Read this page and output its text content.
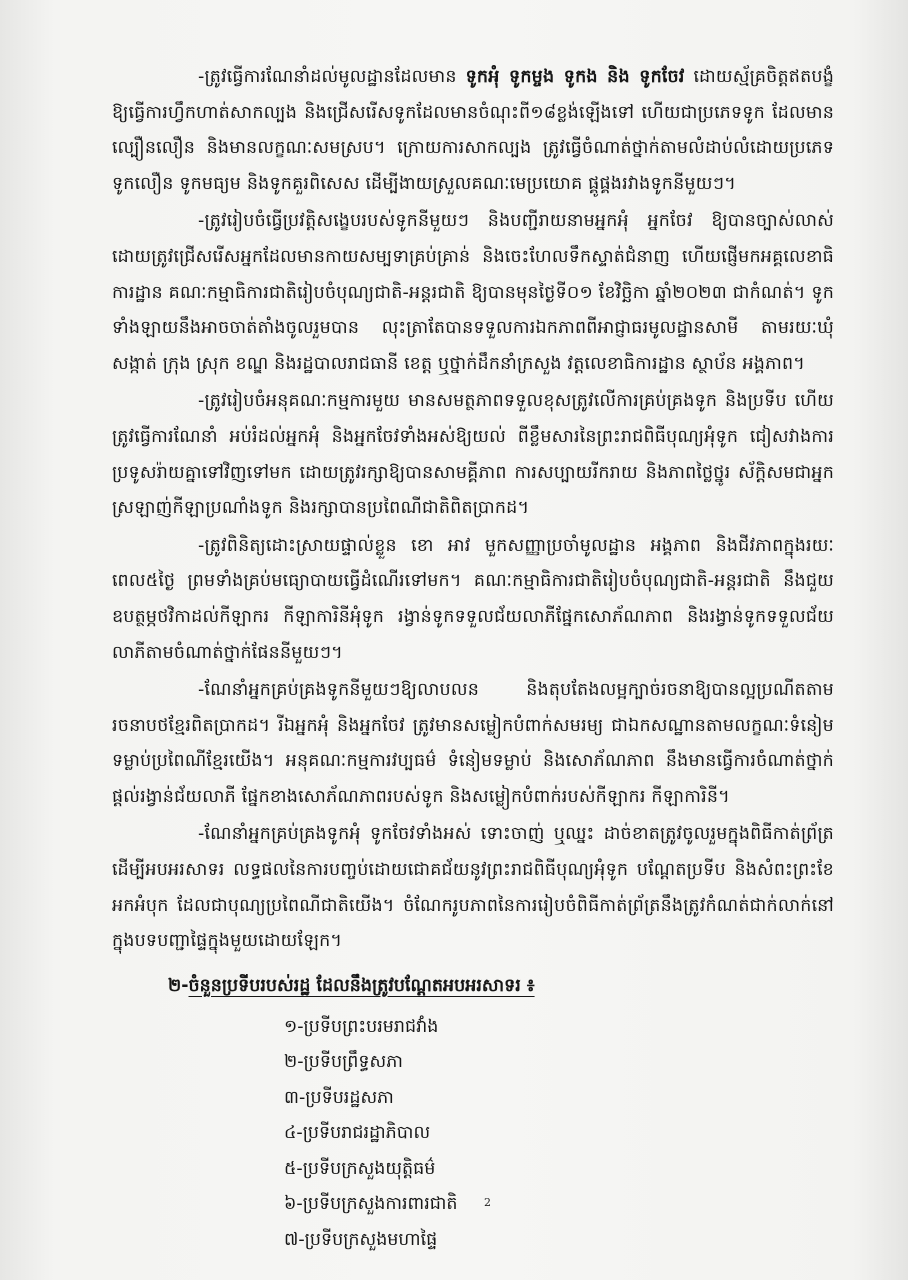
-ត្រូវធ្វើការណែនាំដល់មូលដ្ឋានដែលមាន ទូកអុំ ទូកម្ចង ទូកង និង ទូកចែវ ដោយស្ម័គ្រចិត្តឥតបង្ខំ ឱ្យធ្វើការហ្វឹកហាត់សាកល្បង និងជ្រើសរើសទូកដែលមានចំណុះពី១៨ខ្លង់ឡើងទៅ ហើយជាប្រភេទទូក ដែលមានល្បឿនលឿន និងមានលក្ខណៈសមស្រប។ ក្រោយការសាកល្បង ត្រូវធ្វើចំណាត់ថ្នាក់តាមលំដាប់លំដោយប្រភេទទូកលឿន ទូកមធ្យម និងទូកគួរពិសេស ដើម្បីងាយស្រួលគណៈមេប្រយោគ ផ្គូផ្គងរវាងទូកនីមួយៗ។

-ត្រូវរៀបចំធ្វើប្រវត្តិសង្ខេបរបស់ទូកនីមួយៗ និងបញ្ជីរាយនាមអ្នកអុំ អ្នកចែវ ឱ្យបានច្បាស់លាស់ ដោយត្រូវជ្រើសរើសអ្នកដែលមានកាយសម្បទាគ្រប់គ្រាន់ និងចេះហែលទឹកស្ទាត់ជំនាញ ហើយផ្ញើមកអគ្គលេខាធិការដ្ឋាន គណៈកម្មាធិការជាតិរៀបចំបុណ្យជាតិ-អន្តរជាតិ ឱ្យបានមុនថ្ងៃទី០១ ខែវិច្ឆិកា ឆ្នាំ២០២៣ ជាកំណត់។ ទូកទាំងឡាយនឹងអាចចាត់តាំងចូលរួមបាន លុះត្រាតែបានទទួលការឯកភាពពីអាជ្ញាធរមូលដ្ឋានសាមី តាមរយៈឃុំ សង្កាត់ ក្រុង ស្រុក ខណ្ឌ និងរដ្ឋបាលរាជធានី ខេត្ត ឬថ្នាក់ដឹកនាំក្រសួង វត្តលេខាធិការដ្ឋាន ស្ថាប័ន អង្គភាព។

-ត្រូវរៀបចំអនុគណៈកម្មការមួយ មានសមត្ថភាពទទួលខុសត្រូវលើការគ្រប់គ្រងទូក និងប្រទីប ហើយត្រូវធ្វើការណែនាំ អប់រំដល់អ្នកអុំ និងអ្នកចែវទាំងអស់ឱ្យយល់ ពីខ្លឹមសារនៃព្រះរាជពិធីបុណ្យអុំទូក ជៀសវាងការប្រទូសរ៉ាយគ្នាទៅវិញទៅមក ដោយត្រូវរក្សាឱ្យបានសាមគ្គីភាព ការសប្បាយរីករាយ និងភាពថ្លៃថ្នូរ ស័ក្តិសមជាអ្នកស្រឡាញ់កីឡាប្រណាំងទូក និងរក្សាបានប្រពៃណីជាតិពិតប្រាកដ។

-ត្រូវពិនិត្យដោះស្រាយផ្ទាល់ខ្លួន ខោ អាវ មួកសញ្ញាប្រចាំមូលដ្ឋាន អង្គភាព និងជីវភាពក្នុងរយៈពេល៥ថ្ងៃ ព្រមទាំងគ្រប់មធ្យោបាយធ្វើដំណើរទៅមក។ គណៈកម្មាធិការជាតិរៀបចំបុណ្យជាតិ-អន្តរជាតិ នឹងជួយឧបត្ថម្ភថវិកាដល់កីឡាករ កីឡាការិនីអុំទូក រង្វាន់ទូកទទួលជ័យលាភីផ្នែកសោភ័ណភាព និងរង្វាន់ទូកទទួលជ័យលាភីតាមចំណាត់ថ្នាក់ផែននីមួយៗ។

-ណែនាំអ្នកគ្រប់គ្រងទូកនីមួយៗឱ្យលាបលន និងតុបតែងលម្អក្បាច់រចនាឱ្យបានល្អប្រណីតតាមរចនាបថខ្មែរពិតប្រាកដ។ រីឯអ្នកអុំ និងអ្នកចែវ ត្រូវមានសម្លៀកបំពាក់សមរម្យ ជាឯកសណ្ឋានតាមលក្ខណៈទំនៀមទម្លាប់ប្រពៃណីខ្មែរយើង។ អនុគណៈកម្មការវប្បធម៌ ទំនៀមទម្លាប់ និងសោភ័ណភាព នឹងមានធ្វើការចំណាត់ថ្នាក់ ផ្តល់រង្វាន់ជ័យលាភី ផ្នែកខាងសោភ័ណភាពរបស់ទូក និងសម្លៀកបំពាក់របស់កីឡាករ កីឡាការិនី។

-ណែនាំអ្នកគ្រប់គ្រងទូកអុំ ទូកចែវទាំងអស់ ទោះចាញ់ ឬឈ្នះ ដាច់ខាតត្រូវចូលរួមក្នុងពិធីកាត់ព្រ័ត្រ ដើម្បីអបអរសាទរ លទ្ធផលនៃការបញ្ចប់ដោយជោគជ័យនូវព្រះរាជពិធីបុណ្យអុំទូក បណ្តែតប្រទីប និងសំពះព្រះខែ អកអំបុក ដែលជាបុណ្យប្រពៃណីជាតិយើង។ ចំណែករូបភាពនៃការរៀបចំពិធីកាត់ព្រ័ត្រនឹងត្រូវកំណត់ជាក់លាក់នៅក្នុងបទបញ្ជាផ្ទៃក្នុងមួយដោយឡែក។

២-ចំនួនប្រទីបរបស់រដ្ឋ ដែលនឹងត្រូវបណ្តែតអបអរសាទរ ៖
១-ប្រទីបព្រះបរមរាជវាំង
២-ប្រទីបព្រឹទ្ធសភា
៣-ប្រទីបរដ្ឋសភា
៤-ប្រទីបរាជរដ្ឋាភិបាល
៥-ប្រទីបក្រសួងយុត្តិធម៌
៦-ប្រទីបក្រសួងការពារជាតិ
៧-ប្រទីបក្រសួងមហាផ្ទៃ
2
